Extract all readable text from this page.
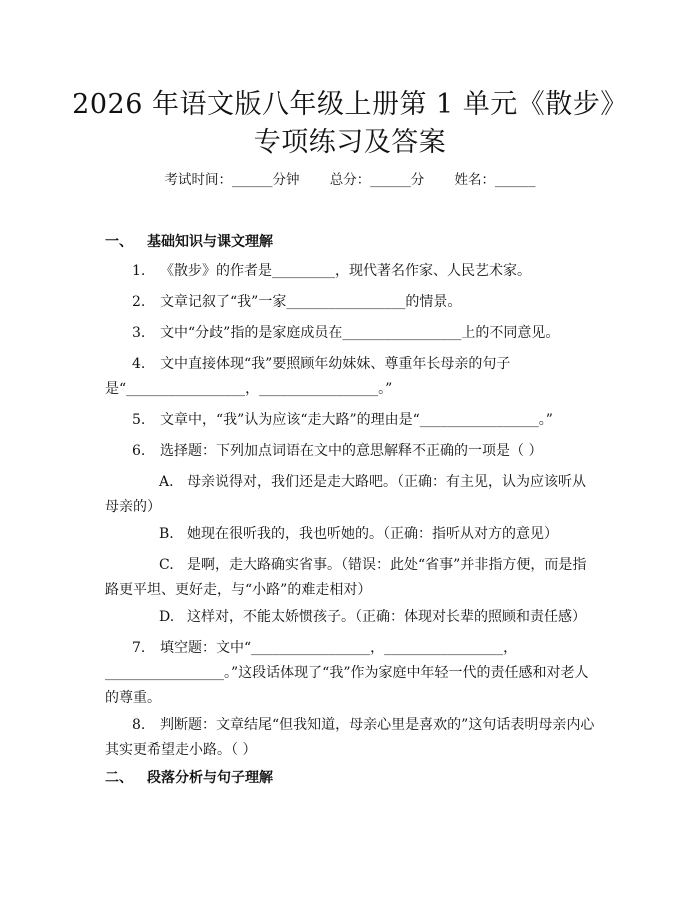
2026 年语文版八年级上册第 1 单元《散步》
专项练习及答案
考试时间：______分钟 总分：______分 姓名：______
一、 基础知识与课文理解

1. 《散步》的作者是_________，现代著名作家、人民艺术家。

2. 文章记叙了“我”一家_________________的情景。

3. 文中“分歧”指的是家庭成员在_________________上的不同意见。

4. 文中直接体现“我”要照顾年幼妹妹、尊重年长母亲的句子是“_________________，_________________。”

5. 文章中，“我”认为应该“走大路”的理由是“_________________。”

6. 选择题：下列加点词语在文中的意思解释不正确的一项是（ ）

A. 母亲说得对，我们还是走大路吧。（正确：有主见，认为应该听从母亲的）

B. 她现在很听我的，我也听她的。（正确：指听从对方的意见）

C. 是啊，走大路确实省事。（错误：此处“省事”并非指方便，而是指路更平坦、更好走，与“小路”的难走相对）

D. 这样对，不能太娇惯孩子。（正确：体现对长辈的照顾和责任感）

7. 填空题：文中“_________________，_________________，_________________。”这段话体现了“我”作为家庭中年轻一代的责任感和对老人的尊重。

8. 判断题：文章结尾“但我知道，母亲心里是喜欢的”这句话表明母亲内心其实更希望走小路。（ ）

二、 段落分析与句子理解
